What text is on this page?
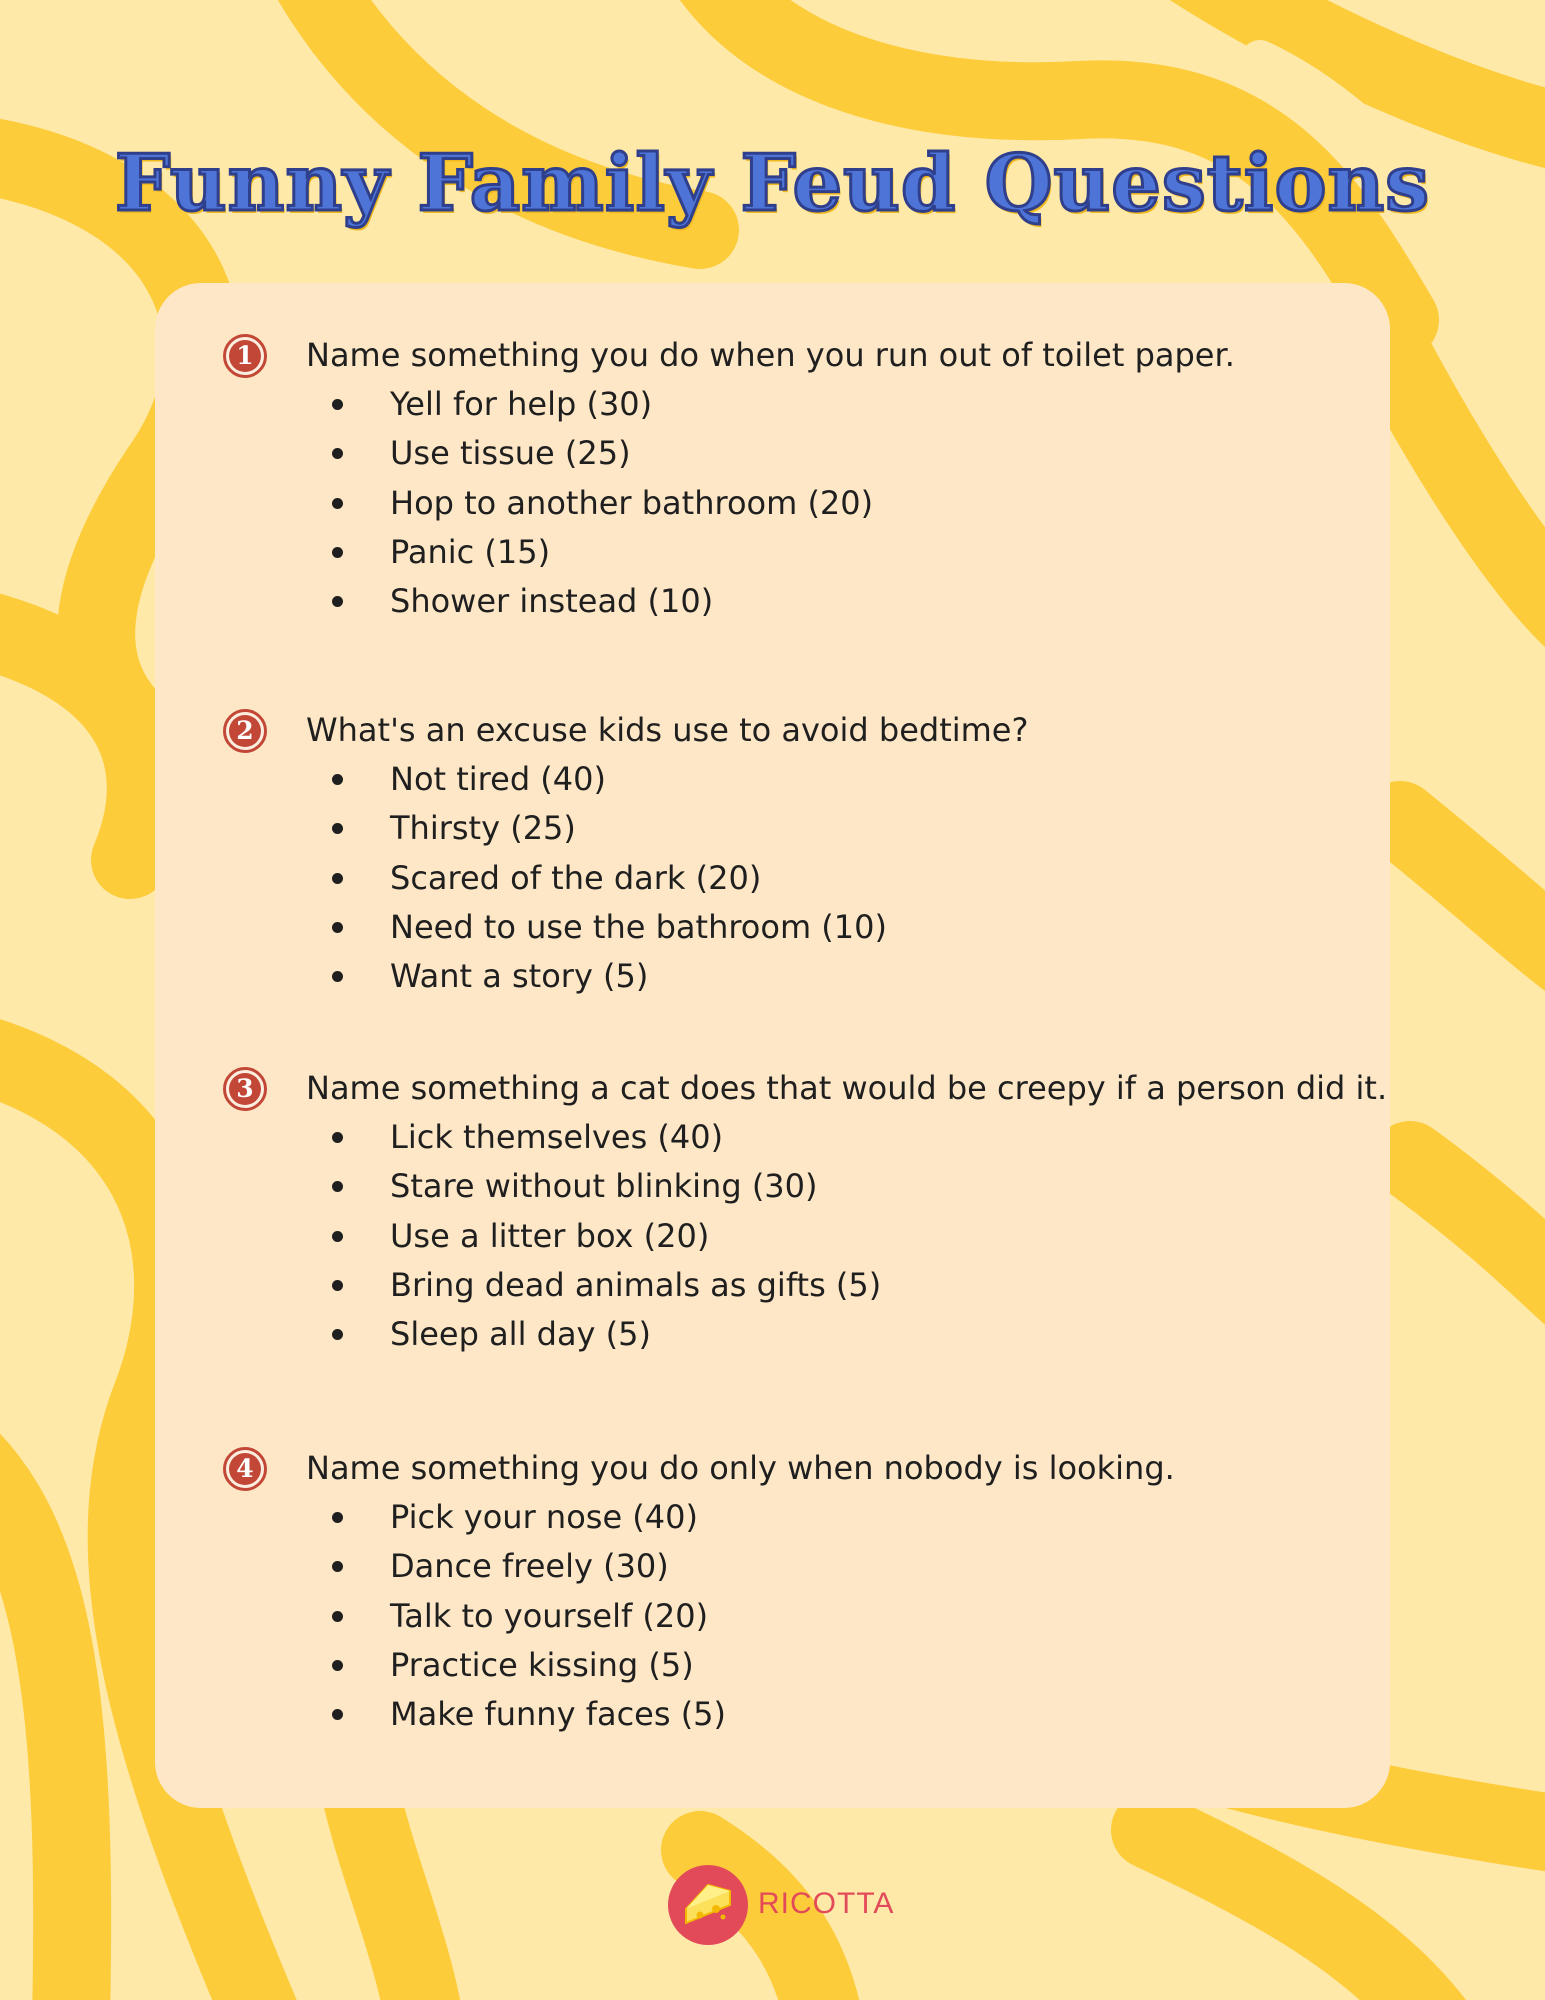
Funny Family Feud Questions
1 Name something you do when you run out of toilet paper.

Yell for help (30)
Use tissue (25)
Hop to another bathroom (20)
Panic (15)
Shower instead (10)
2 What's an excuse kids use to avoid bedtime?

Not tired (40)
Thirsty (25)
Scared of the dark (20)
Need to use the bathroom (10)
Want a story (5)
3 Name something a cat does that would be creepy if a person did it.

Lick themselves (40)
Stare without blinking (30)
Use a litter box (20)
Bring dead animals as gifts (5)
Sleep all day (5)
4 Name something you do only when nobody is looking.

Pick your nose (40)
Dance freely (30)
Talk to yourself (20)
Practice kissing (5)
Make funny faces (5)
RICOTTA
